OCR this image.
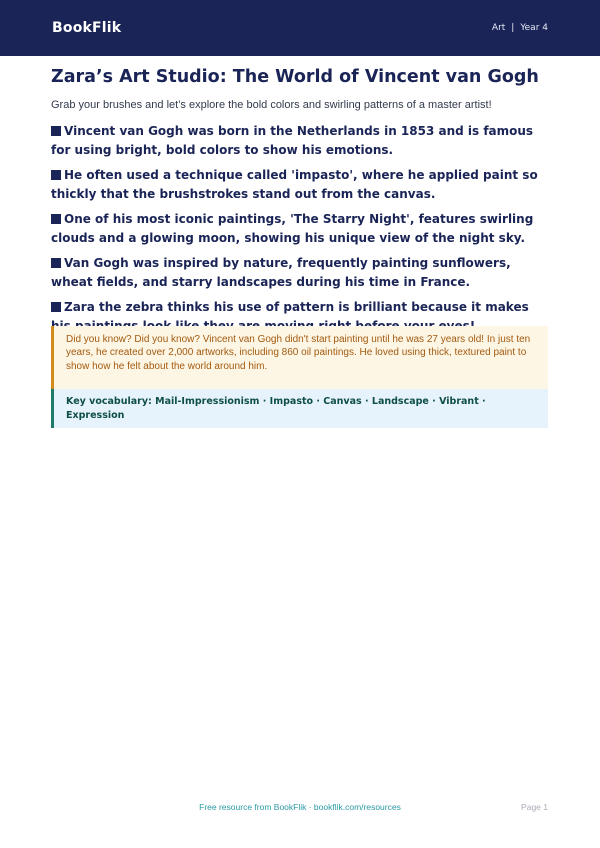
BookFlik	Art | Year 4
Zara’s Art Studio: The World of Vincent van Gogh

Grab your brushes and let’s explore the bold colors and swirling patterns of a master artist!

Vincent van Gogh was born in the Netherlands in 1853 and is famous for using bright, bold colors to show his emotions.
He often used a technique called 'impasto', where he applied paint so thickly that the brushstrokes stand out from the canvas.
One of his most iconic paintings, 'The Starry Night', features swirling clouds and a glowing moon, showing his unique view of the night sky.
Van Gogh was inspired by nature, frequently painting sunflowers, wheat fields, and starry landscapes during his time in France.
Zara the zebra thinks his use of pattern is brilliant because it makes
Did you know? Did you know? Vincent van Gogh didn't start painting until he was 27 years old! In just ten years, he created over 2,000 artworks, including 860 oil paintings. He loved using thick, textured paint to show how he felt about the world around him.
Key vocabulary: Mail-Impressionism · Impasto · Canvas · Landscape · Vibrant · Expression
Free resource from BookFlik · bookflik.com/resources	Page 1
